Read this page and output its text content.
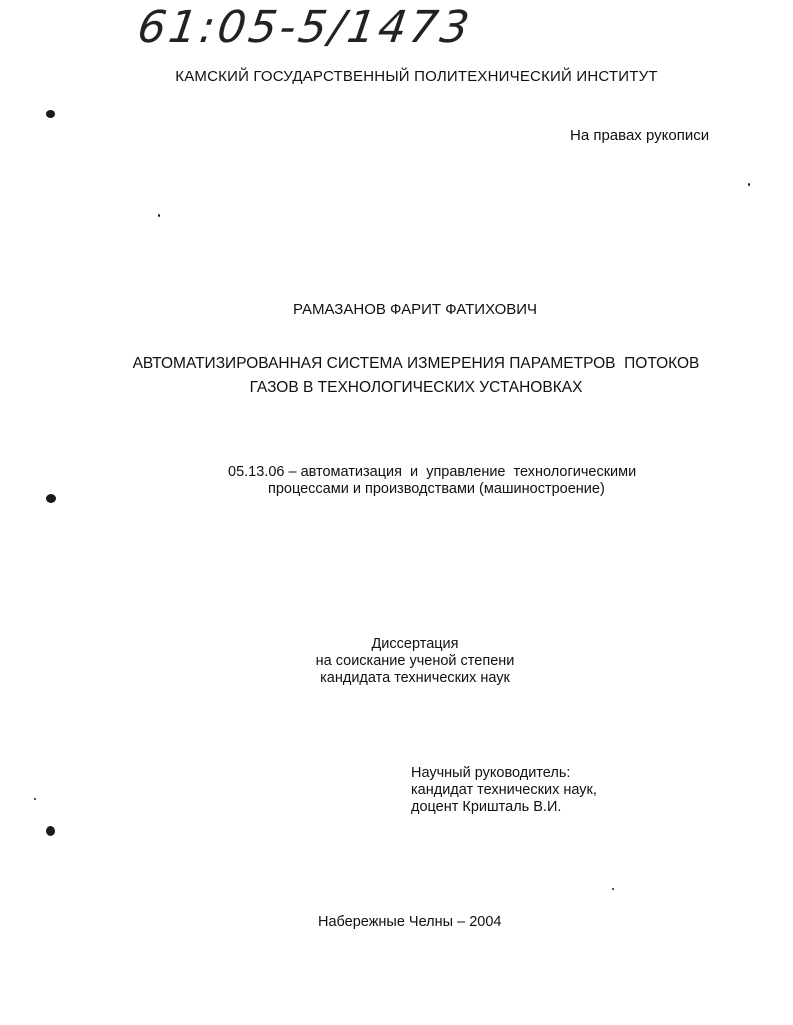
61:05-5/1473
КАМСКИЙ ГОСУДАРСТВЕННЫЙ ПОЛИТЕХНИЧЕСКИЙ ИНСТИТУТ
На правах рукописи
РАМАЗАНОВ ФАРИТ ФАТИХОВИЧ
АВТОМАТИЗИРОВАННАЯ СИСТЕМА ИЗМЕРЕНИЯ ПАРАМЕТРОВ  ПОТОКОВ
ГАЗОВ В ТЕХНОЛОГИЧЕСКИХ УСТАНОВКАХ
05.13.06 – автоматизация  и  управление  технологическими
процессами и производствами (машиностроение)
Диссертация
на соискание ученой степени
кандидата технических наук
Научный руководитель:
кандидат технических наук,
доцент Кришталь В.И.
Набережные Челны – 2004
